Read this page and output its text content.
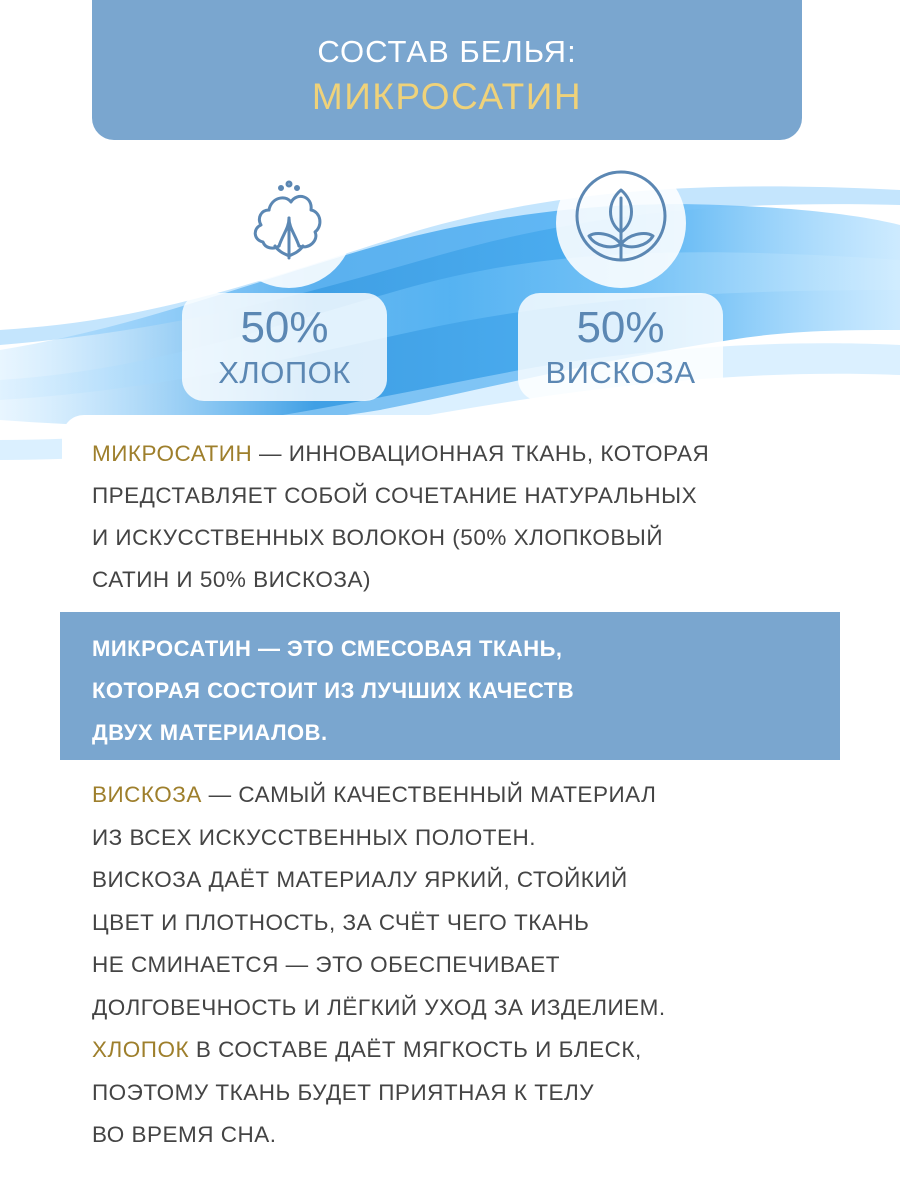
СОСТАВ БЕЛЬЯ:
МИКРОСАТИН
50%
ХЛОПОК
50%
ВИСКОЗА
МИКРОСАТИН — ИННОВАЦИОННАЯ ТКАНЬ, КОТОРАЯ
ПРЕДСТАВЛЯЕТ СОБОЙ СОЧЕТАНИЕ НАТУРАЛЬНЫХ
И ИСКУССТВЕННЫХ ВОЛОКОН (50% ХЛОПКОВЫЙ
САТИН И 50% ВИСКОЗА)
МИКРОСАТИН — ЭТО СМЕСОВАЯ ТКАНЬ,
КОТОРАЯ СОСТОИТ ИЗ ЛУЧШИХ КАЧЕСТВ
ДВУХ МАТЕРИАЛОВ.
ВИСКОЗА — САМЫЙ КАЧЕСТВЕННЫЙ МАТЕРИАЛ
ИЗ ВСЕХ ИСКУССТВЕННЫХ ПОЛОТЕН.
ВИСКОЗА ДАЁТ МАТЕРИАЛУ ЯРКИЙ, СТОЙКИЙ
ЦВЕТ И ПЛОТНОСТЬ, ЗА СЧЁТ ЧЕГО ТКАНЬ
НЕ СМИНАЕТСЯ — ЭТО ОБЕСПЕЧИВАЕТ
ДОЛГОВЕЧНОСТЬ И ЛЁГКИЙ УХОД ЗА ИЗДЕЛИЕМ.
ХЛОПОК В СОСТАВЕ ДАЁТ МЯГКОСТЬ И БЛЕСК,
ПОЭТОМУ ТКАНЬ БУДЕТ ПРИЯТНАЯ К ТЕЛУ
ВО ВРЕМЯ СНА.
